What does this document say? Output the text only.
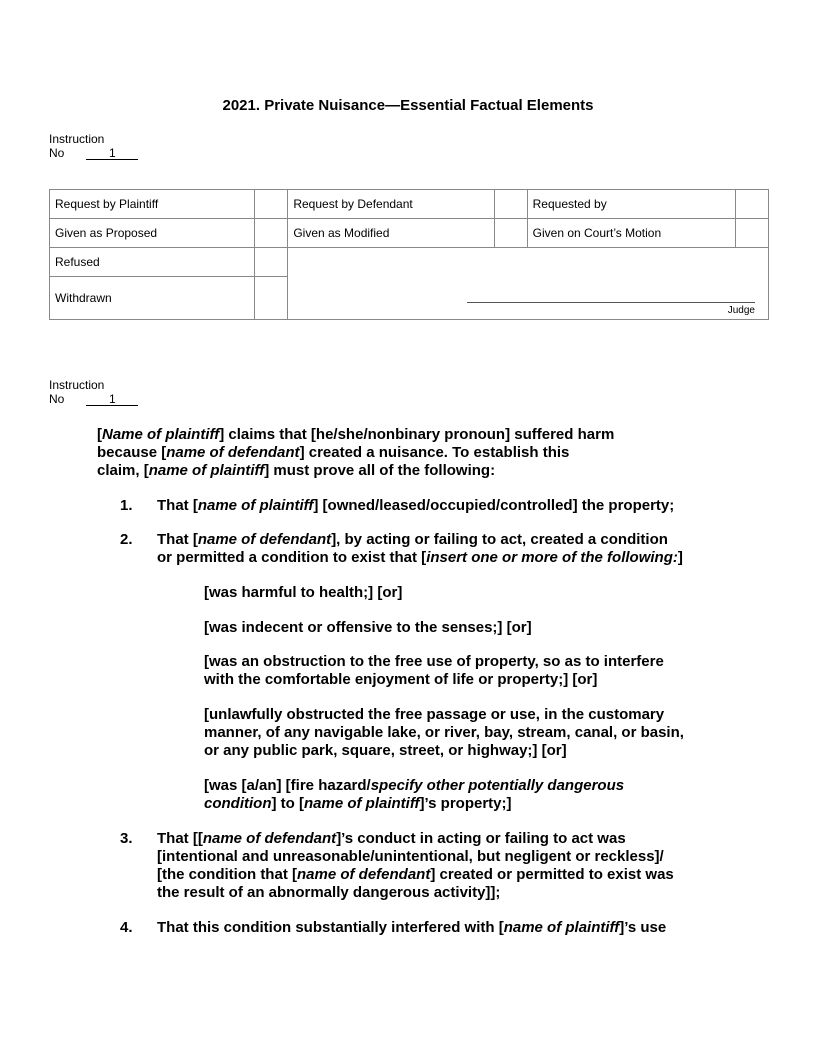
2021. Private Nuisance—Essential Factual Elements
Instruction
No	1
Request by Plaintiff		Request by Defendant		Requested by	
Given as Proposed		Given as Modified		Given on Court’s Motion	
Refused					
Withdrawn					
Judge
Instruction
No	1
[Name of plaintiff] claims that [he/she/nonbinary pronoun] suffered harm
because [name of defendant] created a nuisance. To establish this
claim, [name of plaintiff] must prove all of the following:
1. That [name of plaintiff] [owned/leased/occupied/controlled] the property;
2. That [name of defendant], by acting or failing to act, created a condition
or permitted a condition to exist that [insert one or more of the following:]
[was harmful to health;] [or]
[was indecent or offensive to the senses;] [or]
[was an obstruction to the free use of property, so as to interfere
with the comfortable enjoyment of life or property;] [or]
[unlawfully obstructed the free passage or use, in the customary
manner, of any navigable lake, or river, bay, stream, canal, or basin,
or any public park, square, street, or highway;] [or]
[was [a/an] [fire hazard/specify other potentially dangerous
condition] to [name of plaintiff]’s property;]
3. That [[name of defendant]’s conduct in acting or failing to act was
[intentional and unreasonable/unintentional, but negligent or reckless]/
[the condition that [name of defendant] created or permitted to exist was
the result of an abnormally dangerous activity]];
4. That this condition substantially interfered with [name of plaintiff]’s use
